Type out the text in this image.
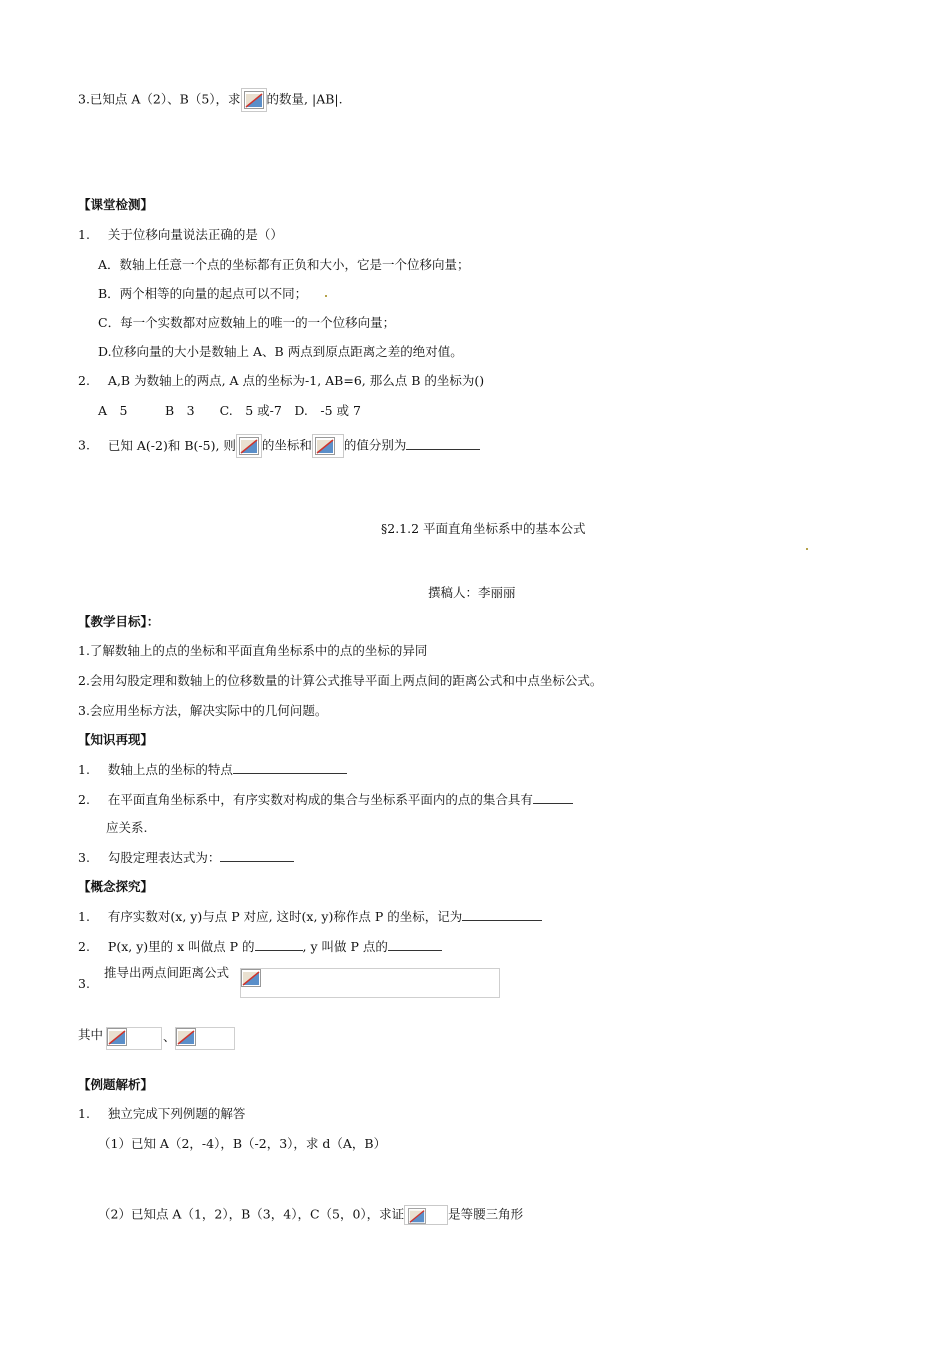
3.已知点 A（2）、B（5），求 的数量, |AB|.
【课堂检测】
1. 关于位移向量说法正确的是（）
A．数轴上任意一个点的坐标都有正负和大小，它是一个位移向量；
B．两个相等的向量的起点可以不同；
C．每一个实数都对应数轴上的唯一的一个位移向量；
D.位移向量的大小是数轴上 A、B 两点到原点距离之差的绝对值。
2. A,B 为数轴上的两点, A 点的坐标为-1, AB=6, 那么点 B 的坐标为()
A　5　　　B　3　　C.　5 或-7　D.　-5 或 7
3. 已知 A(-2)和 B(-5), 则 的坐标和	的值分别为
§2.1.2 平面直角坐标系中的基本公式
撰稿人：李丽丽
【教学目标】：
1.了解数轴上的点的坐标和平面直角坐标系中的点的坐标的异同
2.会用勾股定理和数轴上的位移数量的计算公式推导平面上两点间的距离公式和中点坐标公式。
3.会应用坐标方法，解决实际中的几何问题。
【知识再现】
1. 数轴上点的坐标的特点
2. 在平面直角坐标系中，有序实数对构成的集合与坐标系平面内的点的集合具有
应关系.
3. 勾股定理表达式为：
【概念探究】
1. 有序实数对(x, y)与点 P 对应, 这时(x, y)称作点 P 的坐标，记为
2. P(x, y)里的 x 叫做点 P 的	, y 叫做 P 点的
3.
推导出两点间距离公式
其中	、
【例题解析】
1. 独立完成下列例题的解答
（1）已知 A（2，-4），B（-2，3），求 d（A，B）
（2）已知点 A（1，2），B（3，4），C（5，0），求证	是等腰三角形
